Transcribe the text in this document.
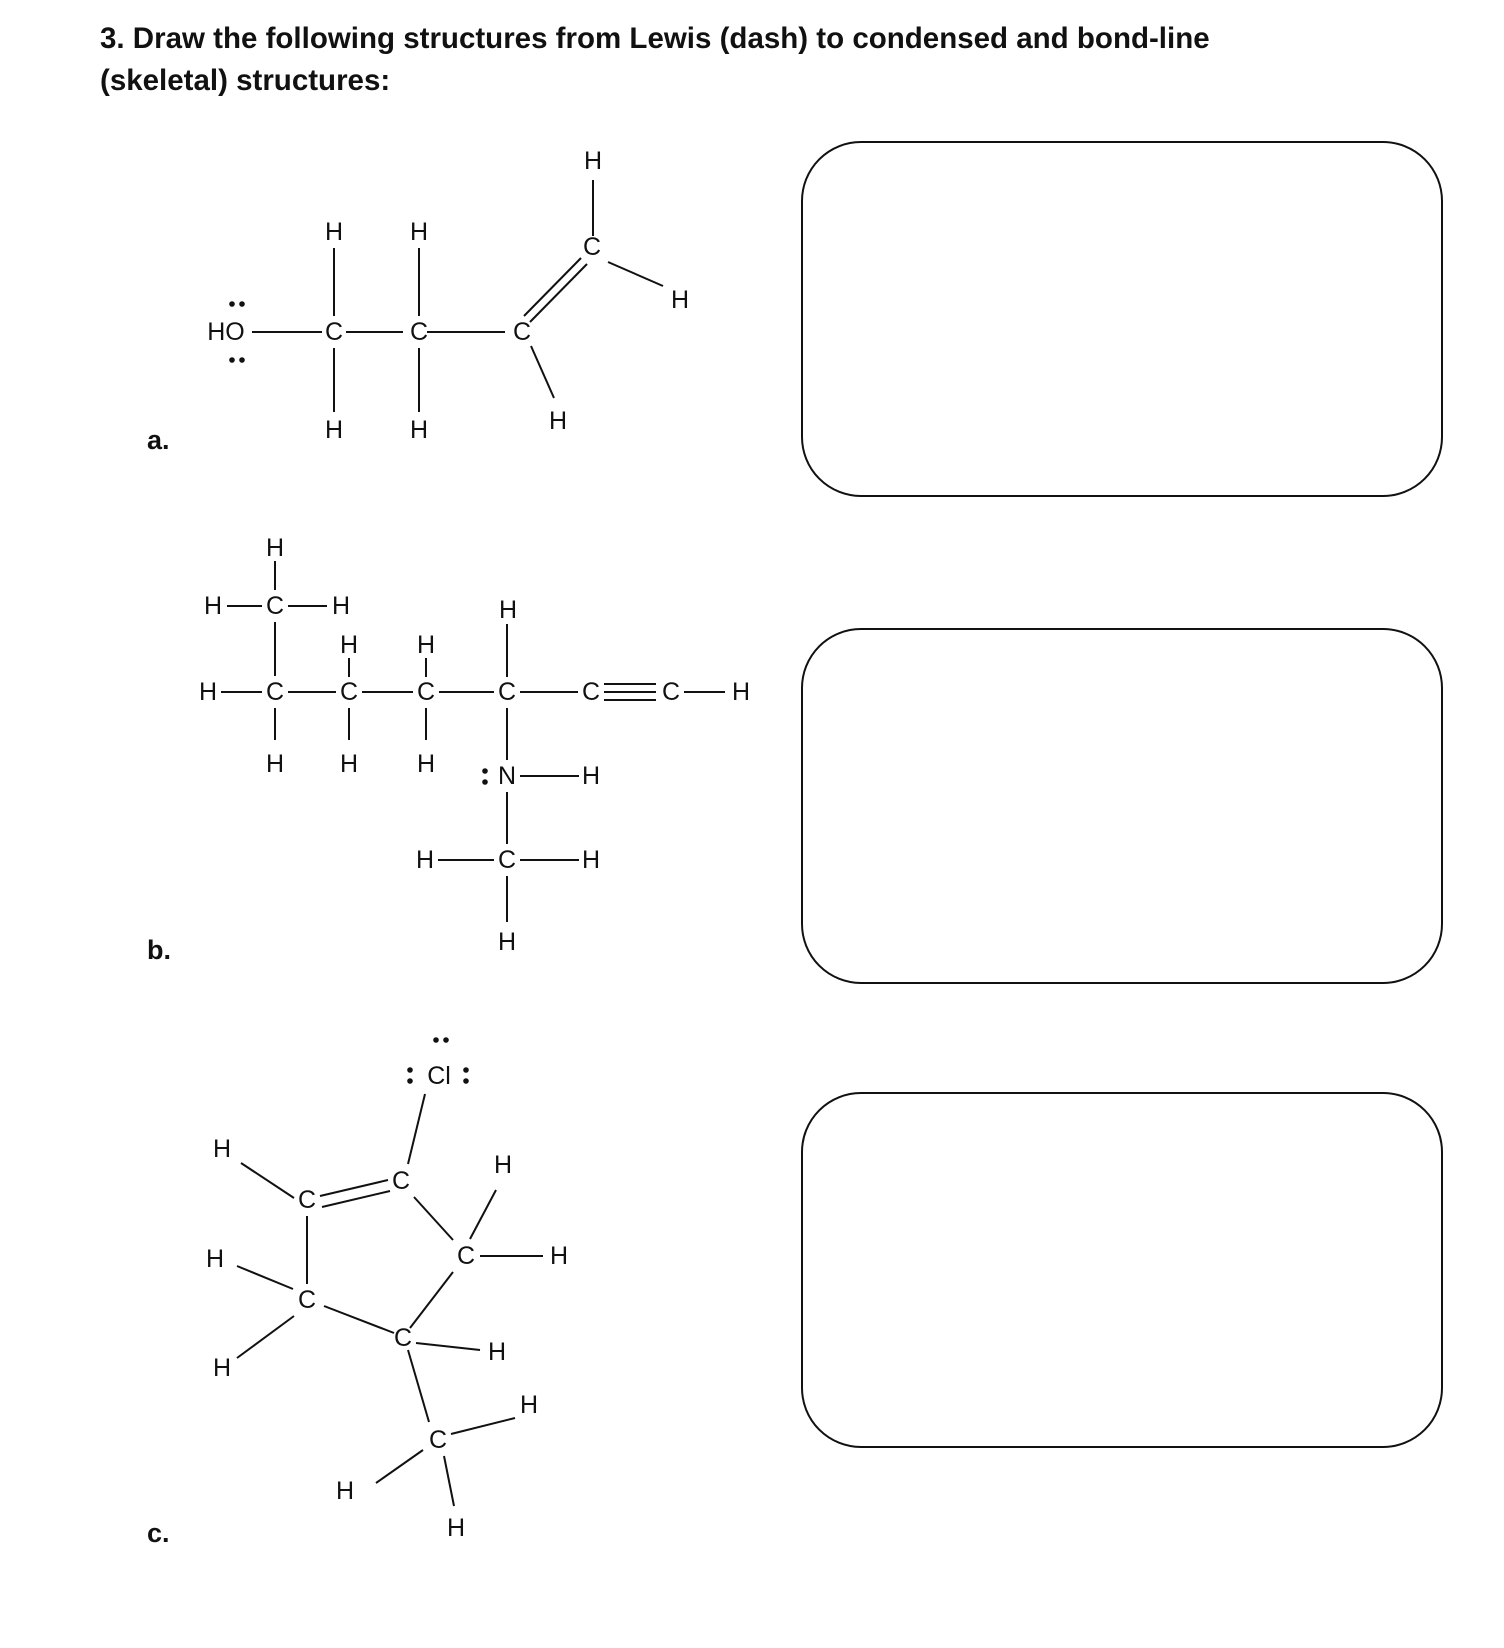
3. Draw the following structures from Lewis (dash) to condensed and bond-line
(skeletal) structures:
a.
b.
c.
HO	C	C	C
C
H	H
H	H
H
H
H
H
C
H	H	H
H H
H C C C	C	C C H
H H H	N	H
H	C	H
H
Cl
C
C
C
C
C
C
H
H
H
H
H
H
H
H
H
